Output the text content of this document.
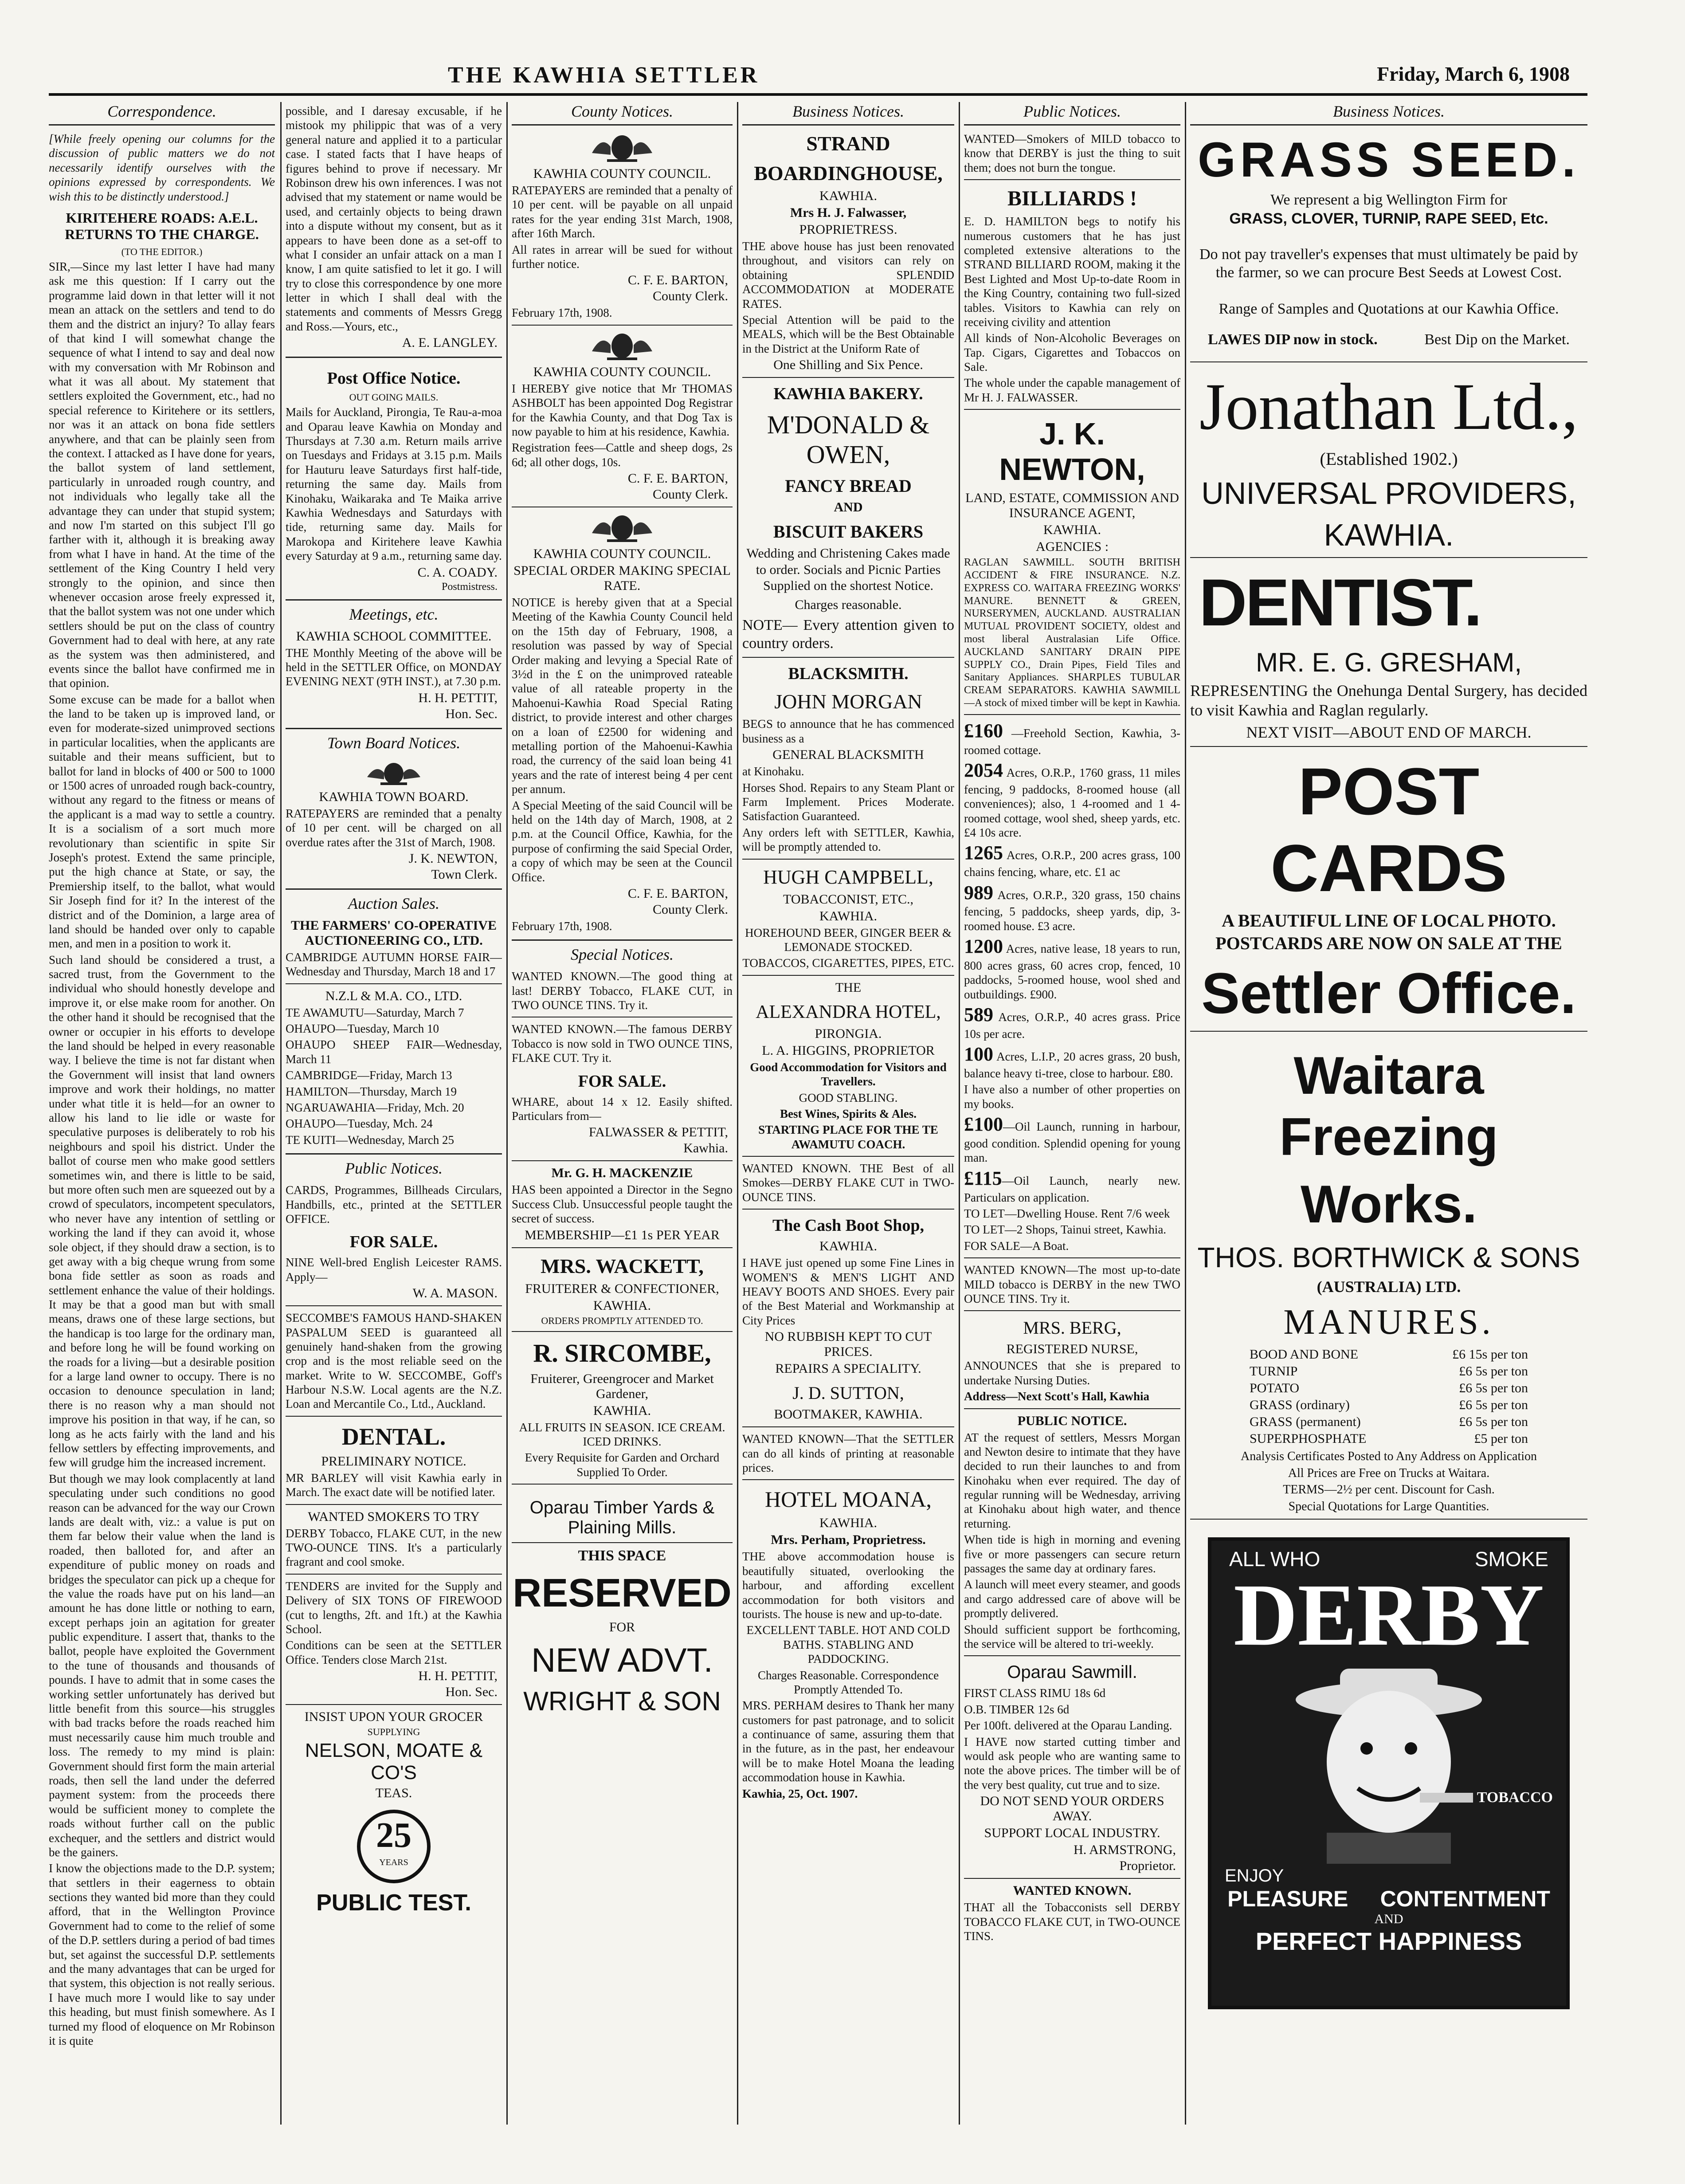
THE KAWHIA SETTLER	Friday, March 6, 1908
Correspondence.
[While freely opening our columns for the discussion of public matters we do not necessarily identify ourselves with the opinions expressed by correspondents. We wish this to be distinctly understood.]
KIRITEHERE ROADS: A.E.L. RETURNS TO THE CHARGE.
(TO THE EDITOR.)
SIR,—Since my last letter I have had many ask me this question: If I carry out the programme laid down in that letter will it not mean an attack on the settlers and tend to do them and the district an injury? To allay fears of that kind I will somewhat change the sequence of what I intend to say and deal now with my conversation with Mr Robinson and what it was all about. My statement that settlers exploited the Government, etc., had no special reference to Kiritehere or its settlers, nor was it an attack on bona fide settlers anywhere, and that can be plainly seen from the context. I attacked as I have done for years, the ballot system of land settlement, particularly in unroaded rough country, and not individuals who legally take all the advantage they can under that stupid system; and now I'm started on this subject I'll go farther with it, although it is breaking away from what I have in hand. At the time of the settlement of the King Country I held very strongly to the opinion, and since then whenever occasion arose freely expressed it, that the ballot system was not one under which settlers should be put on the class of country Government had to deal with here, at any rate as the system was then administered, and events since the ballot have confirmed me in that opinion.
Some excuse can be made for a ballot when the land to be taken up is improved land, or even for moderate-sized unimproved sections in particular localities, when the applicants are suitable and their means sufficient, but to ballot for land in blocks of 400 or 500 to 1000 or 1500 acres of unroaded rough back-country, without any regard to the fitness or means of the applicant is a mad way to settle a country. It is a socialism of a sort much more revolutionary than scientific in spite Sir Joseph's protest. Extend the same principle, put the high chance at State, or say, the Premiership itself, to the ballot, what would Sir Joseph find for it? In the interest of the district and of the Dominion, a large area of land should be handed over only to capable men, and men in a position to work it.
Such land should be considered a trust, a sacred trust, from the Government to the individual who should honestly develope and improve it, or else make room for another. On the other hand it should be recognised that the owner or occupier in his efforts to develope the land should be helped in every reasonable way. I believe the time is not far distant when the Government will insist that land owners improve and work their holdings, no matter under what title it is held—for an owner to allow his land to lie idle or waste for speculative purposes is deliberately to rob his neighbours and spoil his district. Under the ballot of course men who make good settlers sometimes win, and there is little to be said, but more often such men are squeezed out by a crowd of speculators, incompetent speculators, who never have any intention of settling or working the land if they can avoid it, whose sole object, if they should draw a section, is to get away with a big cheque wrung from some bona fide settler as soon as roads and settlement enhance the value of their holdings. It may be that a good man but with small means, draws one of these large sections, but the handicap is too large for the ordinary man, and before long he will be found working on the roads for a living—but a desirable position for a large land owner to occupy. There is no occasion to denounce speculation in land; there is no reason why a man should not improve his position in that way, if he can, so long as he acts fairly with the land and his fellow settlers by effecting improvements, and few will grudge him the increased increment.
But though we may look complacently at land speculating under such conditions no good reason can be advanced for the way our Crown lands are dealt with, viz.: a value is put on them far below their value when the land is roaded, then balloted for, and after an expenditure of public money on roads and bridges the speculator can pick up a cheque for the value the roads have put on his land—an amount he has done little or nothing to earn, except perhaps join an agitation for greater public expenditure. I assert that, thanks to the ballot, people have exploited the Government to the tune of thousands and thousands of pounds. I have to admit that in some cases the working settler unfortunately has derived but little benefit from this source—his struggles with bad tracks before the roads reached him must necessarily cause him much trouble and loss. The remedy to my mind is plain: Government should first form the main arterial roads, then sell the land under the deferred payment system: from the proceeds there would be sufficient money to complete the roads without further call on the public exchequer, and the settlers and district would be the gainers.
I know the objections made to the D.P. system; that settlers in their eagerness to obtain sections they wanted bid more than they could afford, that in the Wellington Province Government had to come to the relief of some of the D.P. settlers during a period of bad times but, set against the successful D.P. settlements and the many advantages that can be urged for that system, this objection is not really serious. I have much more I would like to say under this heading, but must finish somewhere. As I turned my flood of eloquence on Mr Robinson it is quite
possible, and I daresay excusable, if he mistook my philippic that was of a very general nature and applied it to a particular case. I stated facts that I have heaps of figures behind to prove if necessary. Mr Robinson drew his own inferences. I was not advised that my statement or name would be used, and certainly objects to being drawn into a dispute without my consent, but as it appears to have been done as a set-off to what I consider an unfair attack on a man I know, I am quite satisfied to let it go. I will try to close this correspondence by one more letter in which I shall deal with the statements and comments of Messrs Gregg and Ross.—Yours, etc.,
A. E. LANGLEY.
Post Office Notice.
OUT GOING MAILS.
Mails for Auckland, Pirongia, Te Rau-a-moa and Oparau leave Kawhia on Monday and Thursdays at 7.30 a.m. Return mails arrive on Tuesdays and Fridays at 3.15 p.m. Mails for Hauturu leave Saturdays first half-tide, returning the same day. Mails from Kinohaku, Waikaraka and Te Maika arrive Kawhia Wednesdays and Saturdays with tide, returning same day. Mails for Marokopa and Kiritehere leave Kawhia every Saturday at 9 a.m., returning same day.
C. A. COADY.
Postmistress.
Meetings, etc.
KAWHIA SCHOOL COMMITTEE.
THE Monthly Meeting of the above will be held in the SETTLER Office, on MONDAY EVENING NEXT (9TH INST.), at 7.30 p.m.
H. H. PETTIT,
Hon. Sec.
Town Board Notices.
KAWHIA TOWN BOARD.
RATEPAYERS are reminded that a penalty of 10 per cent. will be charged on all overdue rates after the 31st of March, 1908.
J. K. NEWTON,
Town Clerk.
Auction Sales.
THE FARMERS' CO-OPERATIVE AUCTIONEERING CO., LTD.
CAMBRIDGE AUTUMN HORSE FAIR—Wednesday and Thursday, March 18 and 17
N.Z.L & M.A. CO., LTD.
TE AWAMUTU—Saturday, March 7
OHAUPO—Tuesday, March 10
OHAUPO SHEEP FAIR—Wednesday, March 11
CAMBRIDGE—Friday, March 13
HAMILTON—Thursday, March 19
NGARUAWAHIA—Friday, Mch. 20
OHAUPO—Tuesday, Mch. 24
TE KUITI—Wednesday, March 25
Public Notices.
CARDS, Programmes, Billheads Circulars, Handbills, etc., printed at the SETTLER OFFICE.
FOR SALE.
NINE Well-bred English Leicester RAMS. Apply—
W. A. MASON.
SECCOMBE'S FAMOUS HAND-SHAKEN PASPALUM SEED is guaranteed all genuinely hand-shaken from the growing crop and is the most reliable seed on the market. Write to W. SECCOMBE, Goff's Harbour N.S.W. Local agents are the N.Z. Loan and Mercantile Co., Ltd., Auckland.
DENTAL.
PRELIMINARY NOTICE.
MR BARLEY will visit Kawhia early in March. The exact date will be notified later.
WANTED SMOKERS TO TRY
DERBY Tobacco, FLAKE CUT, in the new TWO-OUNCE TINS. It's a particularly fragrant and cool smoke.
TENDERS are invited for the Supply and Delivery of SIX TONS OF FIREWOOD (cut to lengths, 2ft. and 1ft.) at the Kawhia School.
Conditions can be seen at the SETTLER Office. Tenders close March 21st.
H. H. PETTIT,
Hon. Sec.
INSIST UPON YOUR GROCER
SUPPLYING
NELSON, MOATE & CO'S
TEAS.
25
YEARS
PUBLIC TEST.
County Notices.
KAWHIA COUNTY COUNCIL.
RATEPAYERS are reminded that a penalty of 10 per cent. will be payable on all unpaid rates for the year ending 31st March, 1908, after 16th March.
All rates in arrear will be sued for without further notice.
C. F. E. BARTON,
County Clerk.
February 17th, 1908.
KAWHIA COUNTY COUNCIL.
I HEREBY give notice that Mr THOMAS ASHBOLT has been appointed Dog Registrar for the Kawhia County, and that Dog Tax is now payable to him at his residence, Kawhia.
Registration fees—Cattle and sheep dogs, 2s 6d; all other dogs, 10s.
C. F. E. BARTON,
County Clerk.
KAWHIA COUNTY COUNCIL.
SPECIAL ORDER MAKING SPECIAL RATE.
NOTICE is hereby given that at a Special Meeting of the Kawhia County Council held on the 15th day of February, 1908, a resolution was passed by way of Special Order making and levying a Special Rate of 3½d in the £ on the unimproved rateable value of all rateable property in the Mahoenui-Kawhia Road Special Rating district, to provide interest and other charges on a loan of £2500 for widening and metalling portion of the Mahoenui-Kawhia road, the currency of the said loan being 41 years and the rate of interest being 4 per cent per annum.
A Special Meeting of the said Council will be held on the 14th day of March, 1908, at 2 p.m. at the Council Office, Kawhia, for the purpose of confirming the said Special Order, a copy of which may be seen at the Council Office.
C. F. E. BARTON,
County Clerk.
February 17th, 1908.
Special Notices.
WANTED KNOWN.—The good thing at last! DERBY Tobacco, FLAKE CUT, in TWO OUNCE TINS. Try it.
WANTED KNOWN.—The famous DERBY Tobacco is now sold in TWO OUNCE TINS, FLAKE CUT. Try it.
FOR SALE.
WHARE, about 14 x 12. Easily shifted. Particulars from—
FALWASSER & PETTIT,
Kawhia.
Mr. G. H. MACKENZIE
HAS been appointed a Director in the Segno Success Club. Unsuccessful people taught the secret of success.
MEMBERSHIP—£1 1s PER YEAR
MRS. WACKETT,
FRUITERER & CONFECTIONER,
KAWHIA.
ORDERS PROMPTLY ATTENDED TO.
R. SIRCOMBE,
Fruiterer, Greengrocer and Market Gardener,
KAWHIA.
ALL FRUITS IN SEASON. ICE CREAM. ICED DRINKS.
Every Requisite for Garden and Orchard Supplied To Order.
Oparau Timber Yards & Plaining Mills.
THIS SPACE
RESERVED
FOR
NEW ADVT.
WRIGHT & SON
Business Notices.
STRAND
BOARDINGHOUSE,
KAWHIA.
Mrs H. J. Falwasser,
PROPRIETRESS.
THE above house has just been renovated throughout, and visitors can rely on obtaining SPLENDID ACCOMMODATION at MODERATE RATES.
Special Attention will be paid to the MEALS, which will be the Best Obtainable in the District at the Uniform Rate of
One Shilling and Six Pence.
KAWHIA BAKERY.
M'DONALD & OWEN,
FANCY BREAD
AND
BISCUIT BAKERS
Wedding and Christening Cakes made to order. Socials and Picnic Parties Supplied on the shortest Notice.
Charges reasonable.
NOTE— Every attention given to country orders.
BLACKSMITH.
JOHN MORGAN
BEGS to announce that he has commenced business as a
GENERAL BLACKSMITH
at Kinohaku.
Horses Shod. Repairs to any Steam Plant or Farm Implement. Prices Moderate. Satisfaction Guaranteed.
Any orders left with SETTLER, Kawhia, will be promptly attended to.
HUGH CAMPBELL,
TOBACCONIST, ETC.,
KAWHIA.
HOREHOUND BEER, GINGER BEER & LEMONADE STOCKED.
TOBACCOS, CIGARETTES, PIPES, ETC.
THE
ALEXANDRA HOTEL,
PIRONGIA.
L. A. HIGGINS, PROPRIETOR
Good Accommodation for Visitors and Travellers.
GOOD STABLING.
Best Wines, Spirits & Ales.
STARTING PLACE FOR THE TE AWAMUTU COACH.
WANTED KNOWN. THE Best of all Smokes—DERBY FLAKE CUT in TWO-OUNCE TINS.
The Cash Boot Shop,
KAWHIA.
I HAVE just opened up some Fine Lines in WOMEN'S & MEN'S LIGHT AND HEAVY BOOTS AND SHOES. Every pair of the Best Material and Workmanship at City Prices
NO RUBBISH KEPT TO CUT PRICES.
REPAIRS A SPECIALITY.
J. D. SUTTON,
BOOTMAKER, KAWHIA.
WANTED KNOWN—That the SETTLER can do all kinds of printing at reasonable prices.
HOTEL MOANA,
KAWHIA.
Mrs. Perham, Proprietress.
THE above accommodation house is beautifully situated, overlooking the harbour, and affording excellent accommodation for both visitors and tourists. The house is new and up-to-date.
EXCELLENT TABLE. HOT AND COLD BATHS. STABLING AND PADDOCKING.
Charges Reasonable. Correspondence Promptly Attended To.
MRS. PERHAM desires to Thank her many customers for past patronage, and to solicit a continuance of same, assuring them that in the future, as in the past, her endeavour will be to make Hotel Moana the leading accommodation house in Kawhia.
Kawhia, 25, Oct. 1907.
Public Notices.
WANTED—Smokers of MILD tobacco to know that DERBY is just the thing to suit them; does not burn the tongue.
BILLIARDS !
E. D. HAMILTON begs to notify his numerous customers that he has just completed extensive alterations to the STRAND BILLIARD ROOM, making it the Best Lighted and Most Up-to-date Room in the King Country, containing two full-sized tables. Visitors to Kawhia can rely on receiving civility and attention
All kinds of Non-Alcoholic Beverages on Tap. Cigars, Cigarettes and Tobaccos on Sale.
The whole under the capable management of Mr H. J. FALWASSER.
J. K. NEWTON,
LAND, ESTATE, COMMISSION AND INSURANCE AGENT,
KAWHIA.
AGENCIES :
RAGLAN SAWMILL. SOUTH BRITISH ACCIDENT & FIRE INSURANCE. N.Z. EXPRESS CO. WAITARA FREEZING WORKS' MANURE. BENNETT & GREEN, NURSERYMEN, AUCKLAND. AUSTRALIAN MUTUAL PROVIDENT SOCIETY, oldest and most liberal Australasian Life Office. AUCKLAND SANITARY DRAIN PIPE SUPPLY CO., Drain Pipes, Field Tiles and Sanitary Appliances. SHARPLES TUBULAR CREAM SEPARATORS. KAWHIA SAWMILL—A stock of mixed timber will be kept in Kawhia.
£160 —Freehold Section, Kawhia, 3-roomed cottage.
2054 Acres, O.R.P., 1760 grass, 11 miles fencing, 9 paddocks, 8-roomed house (all conveniences); also, 1 4-roomed and 1 4-roomed cottage, wool shed, sheep yards, etc. £4 10s acre.
1265 Acres, O.R.P., 200 acres grass, 100 chains fencing, whare, etc. £1 ac
989 Acres, O.R.P., 320 grass, 150 chains fencing, 5 paddocks, sheep yards, dip, 3-roomed house. £3 acre.
1200 Acres, native lease, 18 years to run, 800 acres grass, 60 acres crop, fenced, 10 paddocks, 5-roomed house, wool shed and outbuildings. £900.
589 Acres, O.R.P., 40 acres grass. Price 10s per acre.
100 Acres, L.I.P., 20 acres grass, 20 bush, balance heavy ti-tree, close to harbour. £80.
I have also a number of other properties on my books.
£100—Oil Launch, running in harbour, good condition. Splendid opening for young man.
£115—Oil Launch, nearly new. Particulars on application.
TO LET—Dwelling House. Rent 7/6 week
TO LET—2 Shops, Tainui street, Kawhia.
FOR SALE—A Boat.
WANTED KNOWN—The most up-to-date MILD tobacco is DERBY in the new TWO OUNCE TINS. Try it.
MRS. BERG,
REGISTERED NURSE,
ANNOUNCES that she is prepared to undertake Nursing Duties.
Address—Next Scott's Hall, Kawhia
PUBLIC NOTICE.
AT the request of settlers, Messrs Morgan and Newton desire to intimate that they have decided to run their launches to and from Kinohaku when ever required. The day of regular running will be Wednesday, arriving at Kinohaku about high water, and thence returning.
When tide is high in morning and evening five or more passengers can secure return passages the same day at ordinary fares.
A launch will meet every steamer, and goods and cargo addressed care of above will be promptly delivered.
Should sufficient support be forthcoming, the service will be altered to tri-weekly.
Oparau Sawmill.
FIRST CLASS RIMU 18s 6d
O.B. TIMBER 12s 6d
Per 100ft. delivered at the Oparau Landing.
I HAVE now started cutting timber and would ask people who are wanting same to note the above prices. The timber will be of the very best quality, cut true and to size.
DO NOT SEND YOUR ORDERS AWAY.
SUPPORT LOCAL INDUSTRY.
H. ARMSTRONG,
Proprietor.
WANTED KNOWN.
THAT all the Tobacconists sell DERBY TOBACCO FLAKE CUT, in TWO-OUNCE TINS.
Business Notices.
GRASS SEED.
We represent a big Wellington Firm for
GRASS, CLOVER, TURNIP, RAPE SEED, Etc.
Do not pay traveller's expenses that must ultimately be paid by the farmer, so we can procure Best Seeds at Lowest Cost.
Range of Samples and Quotations at our Kawhia Office.
LAWES DIP now in stock.	Best Dip on the Market.
Jonathan Ltd.,
(Established 1902.)
UNIVERSAL PROVIDERS,
KAWHIA.
DENTIST.
MR. E. G. GRESHAM,
REPRESENTING the Onehunga Dental Surgery, has decided to visit Kawhia and Raglan regularly.
NEXT VISIT—ABOUT END OF MARCH.
POST CARDS
A BEAUTIFUL LINE OF LOCAL PHOTO.
POSTCARDS ARE NOW ON SALE AT THE
Settler Office.
Waitara Freezing
Works.
THOS. BORTHWICK & SONS
(AUSTRALIA) LTD.
MANURES.
BOOD AND BONE	£6 15s per ton
TURNIP	£6 5s per ton
POTATO	£6 5s per ton
GRASS (ordinary)	£6 5s per ton
GRASS (permanent)	£6 5s per ton
SUPERPHOSPHATE	£5 per ton
Analysis Certificates Posted to Any Address on Application
All Prices are Free on Trucks at Waitara.
TERMS—2½ per cent. Discount for Cash.
Special Quotations for Large Quantities.
ALL WHO	SMOKE
DERBY
TOBACCO
ENJOY
PLEASURE CONTENTMENT
AND
PERFECT HAPPINESS
